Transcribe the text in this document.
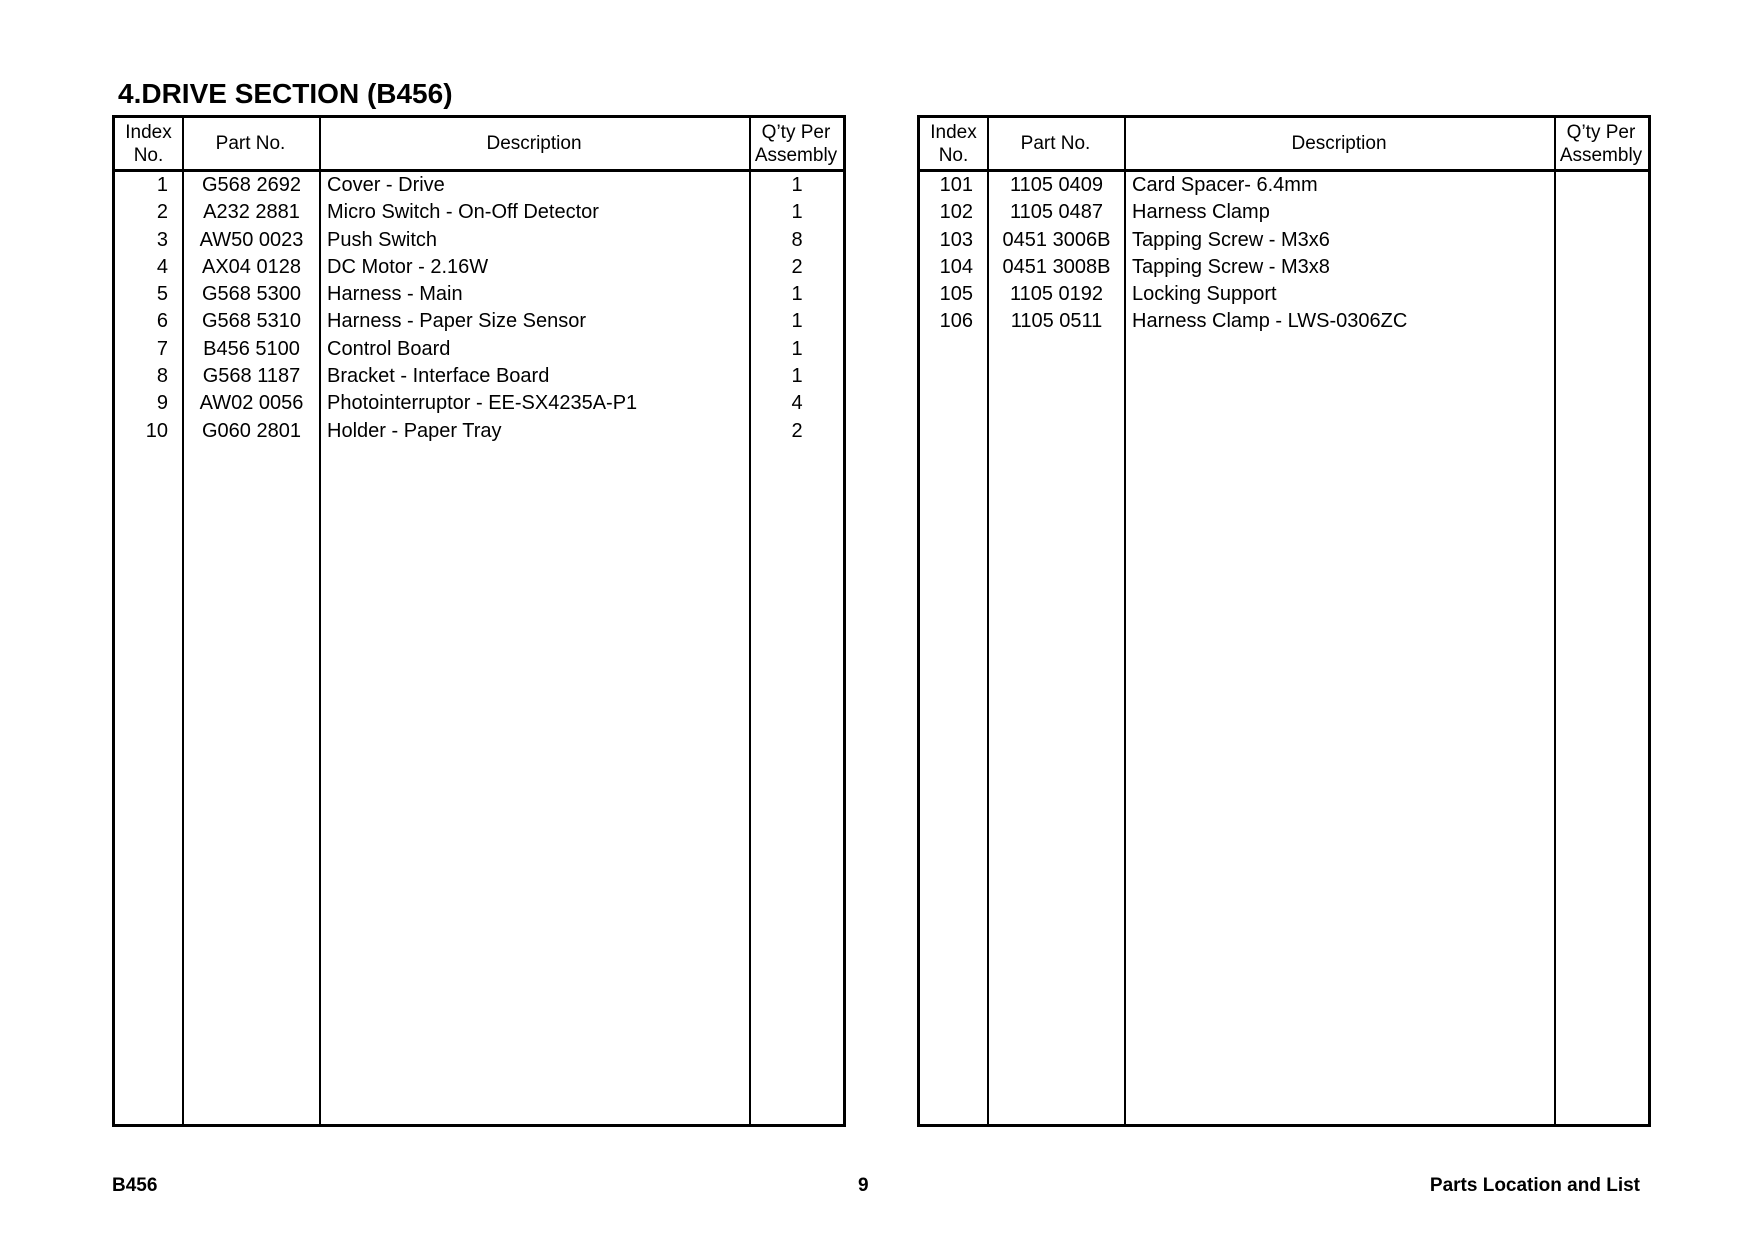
4.DRIVE SECTION (B456)
Index
No.
Part No.	Description
Q’ty Per
Assembly
1	G568 2692	Cover - Drive	1
2	A232 2881	Micro Switch - On-Off Detector	1
3	AW50 0023	Push Switch	8
4	AX04 0128	DC Motor - 2.16W	2
5	G568 5300	Harness - Main	1
6	G568 5310	Harness - Paper Size Sensor	1
7	B456 5100	Control Board	1
8	G568 1187	Bracket - Interface Board	1
9	AW02 0056	Photointerruptor - EE-SX4235A-P1	4
10	G060 2801	Holder - Paper Tray	2
Index
No.
Part No.	Description
Q’ty Per
Assembly
101	1105 0409	Card Spacer- 6.4mm
102	1105 0487	Harness Clamp
103	0451 3006B	Tapping Screw - M3x6
104	0451 3008B	Tapping Screw - M3x8
105	1105 0192	Locking Support
106	1105 0511	Harness Clamp - LWS-0306ZC
B456	9	Parts Location and List
